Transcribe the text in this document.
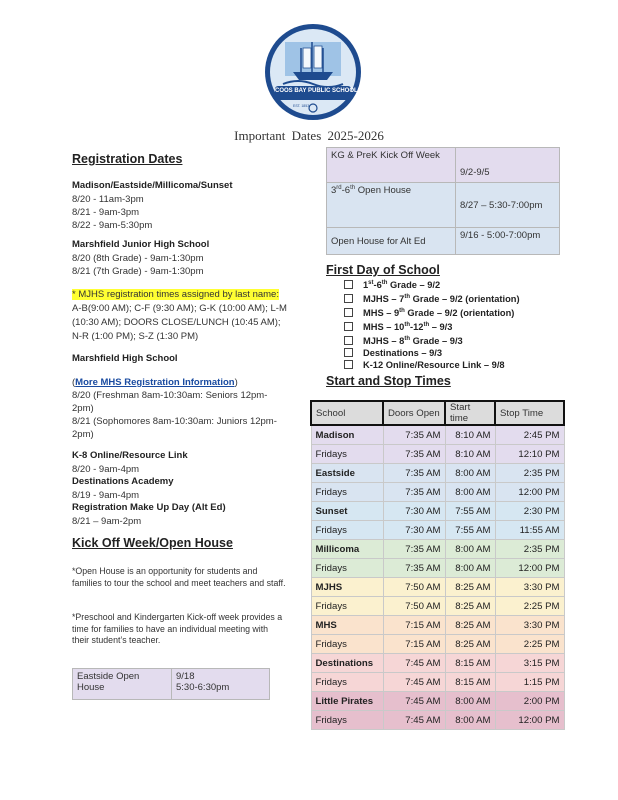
COOS BAY PUBLIC SCHOOLS
EST. 1853
Important Dates 2025-2026
Registration Dates
Madison/Eastside/Millicoma/Sunset
8/20 - 11am-3pm
8/21 - 9am-3pm
8/22 - 9am-5:30pm
Marshfield Junior High School
8/20 (8th Grade) - 9am-1:30pm
8/21 (7th Grade) - 9am-1:30pm
* MJHS registration times assigned by last name: A-B(9:00 AM); C-F (9:30 AM); G-K (10:00 AM); L-M (10:30 AM); DOORS CLOSE/LUNCH (10:45 AM); N-R (1:00 PM); S-Z (1:30 PM)
Marshfield High School
(More MHS Registration Information)
8/20 (Freshman 8am-10:30am: Seniors 12pm-2pm)
8/21 (Sophomores 8am-10:30am: Juniors 12pm-2pm)
K-8 Online/Resource Link
8/20 - 9am-4pm
Destinations Academy
8/19 - 9am-4pm
Registration Make Up Day (Alt Ed)
8/21 – 9am-2pm
Kick Off Week/Open House
*Open House is an opportunity for students and families to tour the school and meet teachers and staff.
*Preschool and Kindergarten Kick-off week provides a time for families to have an individual meeting with their student’s teacher.
Eastside Open House	
9/18
5:30-6:30pm
KG & PreK Kick Off Week	9/2-9/5
3rd-6th Open House	8/27 – 5:30-7:00pm
Open House for Alt Ed	9/16 - 5:00-7:00pm
First Day of School
1st-6th Grade – 9/2
MJHS – 7th Grade – 9/2 (orientation)
MHS – 9th Grade – 9/2 (orientation)
MHS – 10th-12th – 9/3
MJHS – 8th Grade – 9/3
Destinations – 9/3
K-12 Online/Resource Link – 9/8
Start and Stop Times
School	Doors Open	Start time	Stop Time
Madison	7:35 AM	8:10 AM	2:45 PM
Fridays	7:35 AM	8:10 AM	12:10 PM
Eastside	7:35 AM	8:00 AM	2:35 PM
Fridays	7:35 AM	8:00 AM	12:00 PM
Sunset	7:30 AM	7:55 AM	2:30 PM
Fridays	7:30 AM	7:55 AM	11:55 AM
Millicoma	7:35 AM	8:00 AM	2:35 PM
Fridays	7:35 AM	8:00 AM	12:00 PM
MJHS	7:50 AM	8:25 AM	3:30 PM
Fridays	7:50 AM	8:25 AM	2:25 PM
MHS	7:15 AM	8:25 AM	3:30 PM
Fridays	7:15 AM	8:25 AM	2:25 PM
Destinations	7:45 AM	8:15 AM	3:15 PM
Fridays	7:45 AM	8:15 AM	1:15 PM
Little Pirates	7:45 AM	8:00 AM	2:00 PM
Fridays	7:45 AM	8:00 AM	12:00 PM
